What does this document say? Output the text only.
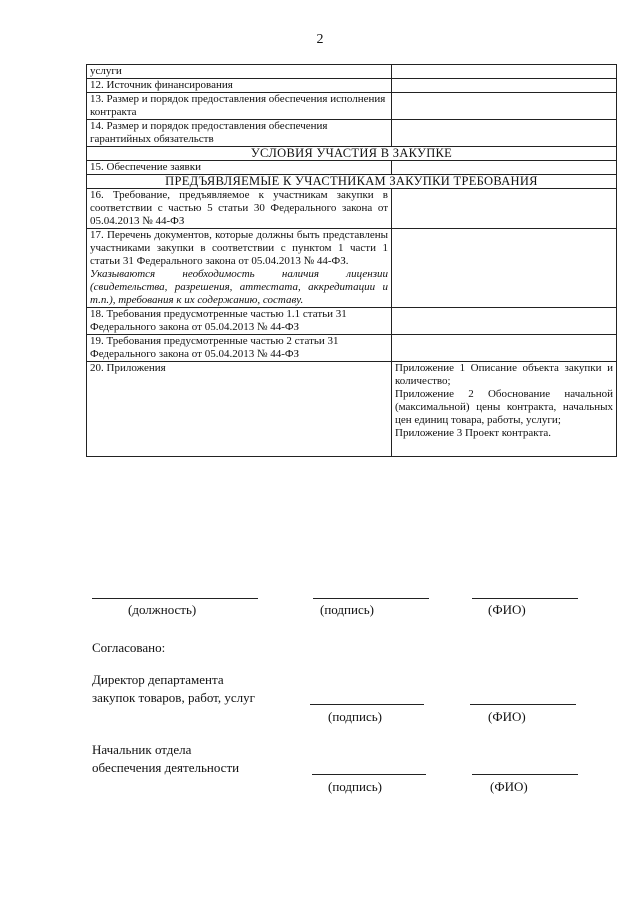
2
услуги	
12. Источник финансирования	
13. Размер и порядок предоставления обеспечения исполнения контракта	
14. Размер и порядок предоставления обеспечения гарантийных обязательств	
УСЛОВИЯ УЧАСТИЯ В ЗАКУПКЕ	
15. Обеспечение заявки	
ПРЕДЪЯВЛЯЕМЫЕ К УЧАСТНИКАМ ЗАКУПКИ ТРЕБОВАНИЯ	
16. Требование, предъявляемое к участникам закупки в соответствии с частью 5 статьи 30 Федерального закона от 05.04.2013 № 44-ФЗ	

17. Перечень документов, которые должны быть представлены участниками закупки в соответствии с пунктом 1 части 1 статьи 31 Федерального закона от 05.04.2013 № 44-ФЗ.
Указываются необходимость наличия лицензии (свидетельства, разрешения, аттестата, аккредитации и т.п.), требования к их содержанию, составу.	

18. Требования предусмотренные частью 1.1 статьи 31 Федерального закона от 05.04.2013 № 44-ФЗ	
19. Требования предусмотренные частью 2 статьи 31 Федерального закона от 05.04.2013 № 44-ФЗ	
20. Приложения	Приложение 1 Описание объекта закупки и количество;
Приложение 2 Обоснование начальной (максимальной) цены контракта, начальных цен единиц товара, работы, услуги;
Приложение 3 Проект контракта.
(должность)	(подпись)	(ФИО)
Согласовано:
Директор департамента
закупок товаров, работ, услуг
(подпись)	(ФИО)
Начальник отдела
обеспечения деятельности
(подпись)	(ФИО)
